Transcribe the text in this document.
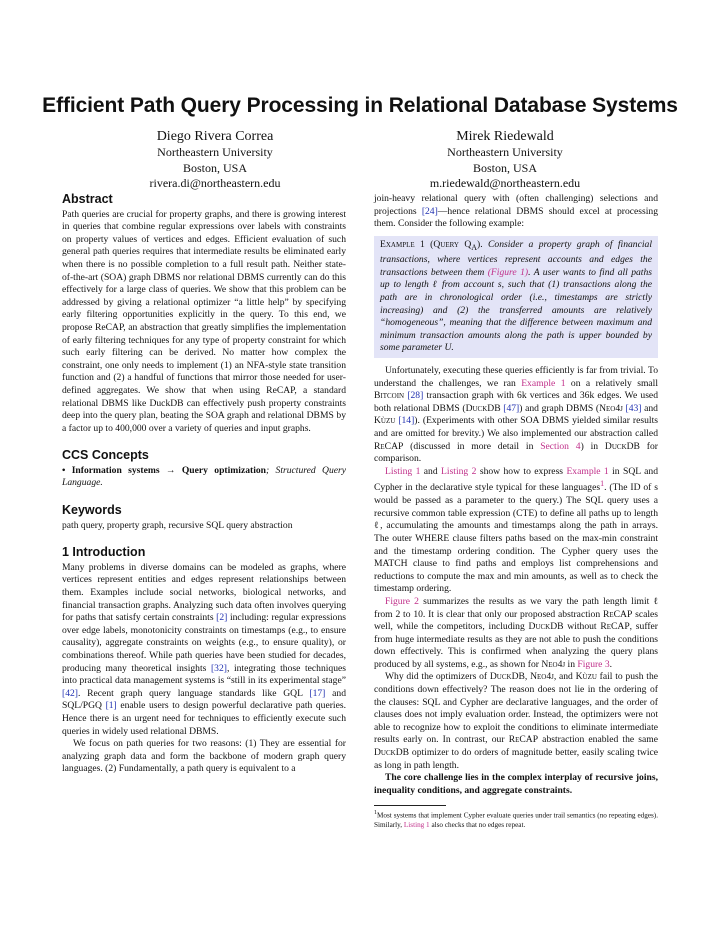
Efficient Path Query Processing in Relational Database Systems
Diego Rivera Correa
Northeastern University
Boston, USA
rivera.di@northeastern.edu
Mirek Riedewald
Northeastern University
Boston, USA
m.riedewald@northeastern.edu
Abstract

Path queries are crucial for property graphs, and there is growing interest in queries that combine regular expressions over labels with constraints on property values of vertices and edges. Efficient evaluation of such general path queries requires that intermediate results be eliminated early when there is no possible completion to a full result path. Neither state-of-the-art (SOA) graph DBMS nor relational DBMS currently can do this effectively for a large class of queries. We show that this problem can be addressed by giving a relational optimizer “a little help” by specifying early filtering opportunities explicitly in the query. To this end, we propose ReCAP, an abstraction that greatly simplifies the implementation of early filtering techniques for any type of property constraint for which such early filtering can be derived. No matter how complex the constraint, one only needs to implement (1) an NFA-style state transition function and (2) a handful of functions that mirror those needed for user-defined aggregates. We show that when using ReCAP, a standard relational DBMS like DuckDB can effectively push property constraints deep into the query plan, beating the SOA graph and relational DBMS by a factor up to 400,000 over a variety of queries and input graphs.

CCS Concepts

• Information systems → Query optimization; Structured Query Language.

Keywords

path query, property graph, recursive SQL query abstraction

1 Introduction

Many problems in diverse domains can be modeled as graphs, where vertices represent entities and edges represent relationships between them. Examples include social networks, biological networks, and financial transaction graphs. Analyzing such data often involves querying for paths that satisfy certain constraints [2] including: regular expressions over edge labels, monotonicity constraints on timestamps (e.g., to ensure causality), aggregate constraints on weights (e.g., to ensure quality), or combinations thereof. While path queries have been studied for decades, producing many theoretical insights [32], integrating those techniques into practical data management systems is “still in its experimental stage” [42]. Recent graph query language standards like GQL [17] and SQL/PGQ [1] enable users to design powerful declarative path queries. Hence there is an urgent need for techniques to efficiently execute such queries in widely used relational DBMS.

We focus on path queries for two reasons: (1) They are essential for analyzing graph data and form the backbone of modern graph query languages. (2) Fundamentally, a path query is equivalent to a

join-heavy relational query with (often challenging) selections and projections [24]—hence relational DBMS should excel at processing them. Consider the following example:

Example 1 (Query $Q_A$). Consider a property graph of financial transactions, where vertices represent accounts and edges the transactions between them (Figure 1). A user wants to find all paths up to length ℓ from account s, such that (1) transactions along the path are in chronological order (i.e., timestamps are strictly increasing) and (2) the transferred amounts are relatively “homogeneous”, meaning that the difference between maximum and minimum transaction amounts along the path is upper bounded by some parameter U.

Unfortunately, executing these queries efficiently is far from trivial. To understand the challenges, we ran Example 1 on a relatively small Bitcoin [28] transaction graph with 6k vertices and 36k edges. We used both relational DBMS (DuckDB [47]) and graph DBMS (Neo4j [43] and Kùzu [14]). (Experiments with other SOA DBMS yielded similar results and are omitted for brevity.) We also implemented our abstraction called ReCAP (discussed in more detail in Section 4) in DuckDB for comparison.

Listing 1 and Listing 2 show how to express Example 1 in SQL and Cypher in the declarative style typical for these languages$^1$. (The ID of s would be passed as a parameter to the query.) The SQL query uses a recursive common table expression (CTE) to define all paths up to length ℓ, accumulating the amounts and timestamps along the path in arrays. The outer WHERE clause filters paths based on the max-min constraint and the timestamp ordering condition. The Cypher query uses the MATCH clause to find paths and employs list comprehensions and reductions to compute the max and min amounts, as well as to check the timestamp ordering.

Figure 2 summarizes the results as we vary the path length limit ℓ from 2 to 10. It is clear that only our proposed abstraction ReCAP scales well, while the competitors, including DuckDB without ReCAP, suffer from huge intermediate results as they are not able to push the conditions down effectively. This is confirmed when analyzing the query plans produced by all systems, e.g., as shown for Neo4j in Figure 3.

Why did the optimizers of DuckDB, Neo4j, and Kùzu fail to push the conditions down effectively? The reason does not lie in the ordering of the clauses: SQL and Cypher are declarative languages, and the order of clauses does not imply evaluation order. Instead, the optimizers were not able to recognize how to exploit the conditions to eliminate intermediate results early on. In contrast, our ReCAP abstraction enabled the same DuckDB optimizer to do orders of magnitude better, easily scaling twice as long in path length.

The core challenge lies in the complex interplay of recursive joins, inequality conditions, and aggregate constraints.

$^1$Most systems that implement Cypher evaluate queries under trail semantics (no repeating edges). Similarly, Listing 1 also checks that no edges repeat.
